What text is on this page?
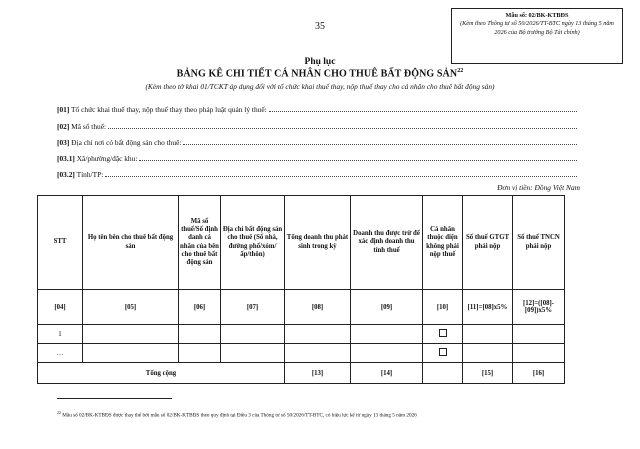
35
Mẫu số: 02/BK-KTBĐS
(Kèm theo Thông tư số 50/2026/TT-BTC ngày 13 tháng 5 năm 2026 của Bộ trưởng Bộ Tài chính)
Phụ lục
BẢNG KÊ CHI TIẾT CÁ NHÂN CHO THUÊ BẤT ĐỘNG SẢN$^{22}$
(Kèm theo tờ khai 01/TCKT áp dụng đối với tổ chức khai thuế thay, nộp thuế thay cho cá nhân cho thuê bất động sản)
[01] Tổ chức khai thuế thay, nộp thuế thay theo pháp luật quản lý thuế:
[02] Mã số thuế:
[03] Địa chỉ nơi có bất động sản cho thuê:
[03.1] Xã/phường/đặc khu:
[03.2] Tỉnh/TP:
Đơn vị tiền: Đồng Việt Nam
STT	Họ tên bên cho thuê bất động sản	Mã số thuế/Số định danh cá nhân của bên cho thuê bất động sản	Địa chỉ bất động sản cho thuê (Số nhà, đường phố/xóm/ấp/thôn)	Tổng doanh thu phát sinh trong kỳ	Doanh thu được trừ để xác định doanh thu tính thuế	Cá nhân thuộc diện không phải nộp thuế	Số thuế GTGT phải nộp	Số thuế TNCN phải nộp
[04]	[05]	[06]	[07]	[08]	[09]	[10]	[11]=[08]x5%	[12]=([08]-[09])x5%
1								
…								
Tổng cộng				[13]	[14]		[15]	[16]
$^{22}$ Mẫu số 02/BK-KTBĐS được thay thế bởi mẫu số 02/BK-KTBĐS theo quy định tại Điều 3 của Thông tư số 50/2026/TT-BTC, có hiệu lực kể từ ngày 13 tháng 5 năm 2026
